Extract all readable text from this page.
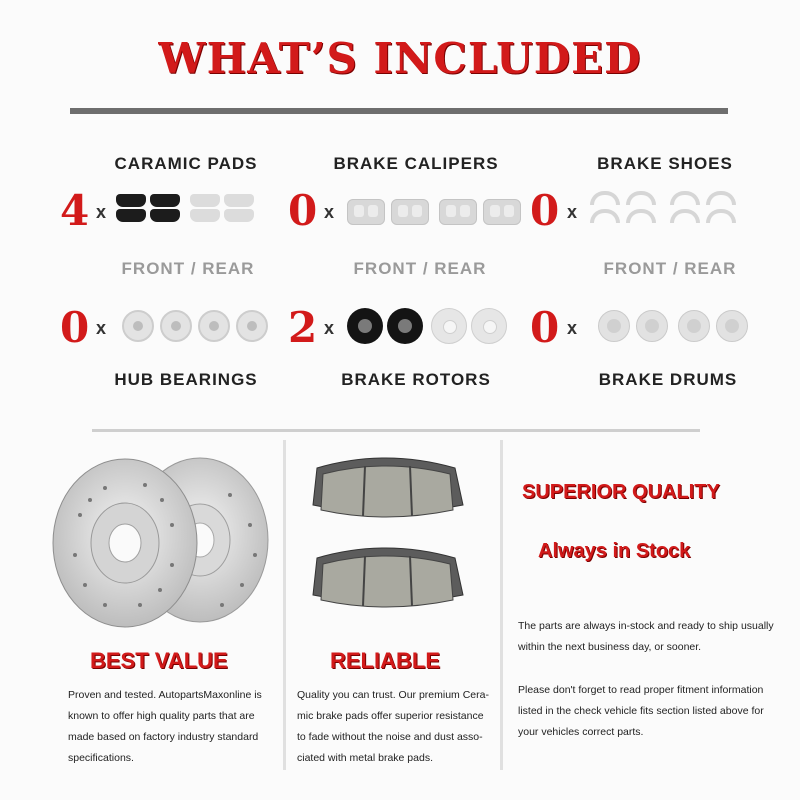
WHAT’S INCLUDED
CARAMIC PADS	BRAKE CALIPERS	BRAKE SHOES
4 x	0 x	0 x
FRONT / REAR	FRONT / REAR	FRONT / REAR
0 x	2 x	0 x
HUB BEARINGS	BRAKE ROTORS	BRAKE DRUMS
BEST VALUE
Proven and tested. AutopartsMaxonline is
known to offer high quality parts that are
made based on factory industry standard
specifications.
RELIABLE
Quality you can trust. Our premium Cera-
mic brake pads offer superior resistance
to fade without the noise and dust asso-
ciated with metal brake pads.
SUPERIOR QUALITY
Always in Stock
The parts are always in-stock and ready to ship usually
within the next business day, or sooner.
Please don't forget to read proper fitment information
listed in the check vehicle fits section listed above for
your vehicles correct parts.
